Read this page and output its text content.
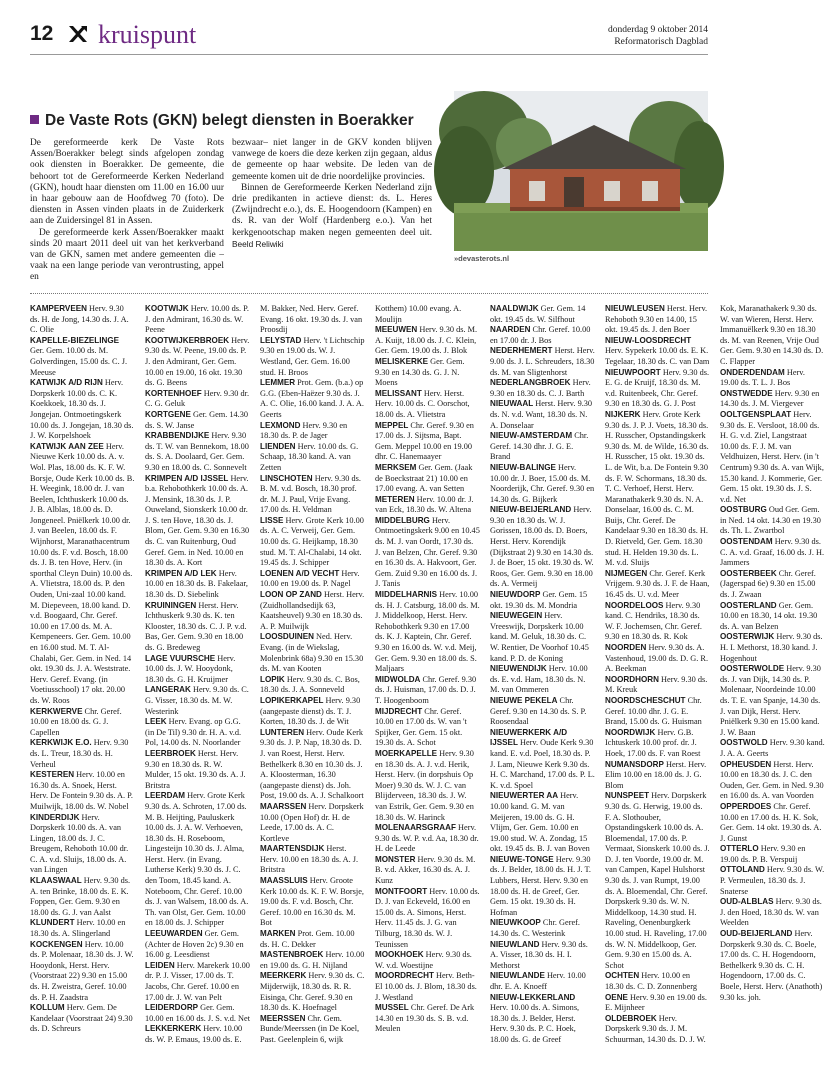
12 kruispunt	donderdag 9 oktober 2014
Reformatorisch Dagblad
De Vaste Rots (GKN) belegt diensten in Boerakker

De gereformeerde kerk De Vaste Rots Assen/Boerakker belegt sinds afgelopen zondag ook diensten in Boerakker. De gemeente, die behoort tot de Gereformeerde Kerken Nederland (GKN), houdt haar diensten om 11.00 en 16.00 uur in haar gebouw aan de Hoofdweg 70 (foto). De diensten in Assen vinden plaats in de Zuiderkerk aan de Zuidersingel 81 in Assen.

De gereformeerde kerk Assen/Boerakker maakt sinds 20 maart 2011 deel uit van het kerkverband van de GKN, samen met andere gemeenten die –vaak na een lange periode van verontrusting, appel en

bezwaar– niet langer in de GKV konden blijven vanwege de koers die deze kerken zijn gegaan, aldus de gemeente op haar website. De leden van de gemeente komen uit de drie noordelijke provincies.

Binnen de Gereformeerde Kerken Nederland zijn drie predikanten in actieve dienst: ds. L. Heres (Zwijndrecht e.o.), ds. E. Hoogendoorn (Kampen) en ds. R. van der Wolf (Hardenberg e.o.). Van het kerkgenootschap maken negen gemeenten deel uit. Beeld Reliwiki

» devasterots.nl

KAMPERVEEN Herv. 9.30 ds. H. de Jong, 14.30 ds. J. A. C. Olie

KAPELLE-BIEZELINGE Ger. Gem. 10.00 ds. M. Golverdingen, 15.00 ds. C. J. Meeuse

KATWIJK A/D RIJN Herv. Dorpskerk 10.00 ds. C. K. Koekkoek, 18.30 ds. J. Jongejan. Ontmoetingskerk 10.00 ds. J. Jongejan, 18.30 ds. J. W. Korpelshoek

KATWIJK AAN ZEE Herv. Nieuwe Kerk 10.00 ds. A. v. Wol. Plas, 18.00 ds. K. F. W. Borsje, Oude Kerk 10.00 ds. B. H. Weegink, 18.00 dr. J. van Beelen, Ichthuskerk 10.00 ds. J. B. Alblas, 18.00 ds. D. Jongeneel. Pniëlkerk 10.00 dr. J. van Beelen, 18.00 ds. F. Wijnhorst, Maranathacentrum 10.00 ds. F. v.d. Bosch, 18.00 ds. J. B. ten Hove, Herv. (in sporthal Cleyn Duin) 10.00 ds. A. Vlietstra, 18.00 ds. P. den Ouden, Uni-zaal 10.00 kand. M. Diepeveen, 18.00 kand. D. v.d. Boogaard, Chr. Geref. 10.00 en 17.00 ds. M. A. Kempeneers. Ger. Gem. 10.00 en 16.00 stud. M. T. Al-Chalabi, Ger. Gem. in Ned. 14 okt. 19.30 ds. J. A. Weststrate. Herv. Geref. Evang. (in Voetiusschool) 17 okt. 20.00 ds. W. Roos

KERKWERVE Chr. Geref. 10.00 en 18.00 ds. G. J. Capellen

KERKWIJK E.O. Herv. 9.30 ds. L. Treur, 18.30 ds. H. Verheul

KESTEREN Herv. 10.00 en 16.30 ds. A. Snoek, Herst. Herv. De Fontein 9.30 ds. A. P. Muilwijk, 18.00 ds. W. Nobel

KINDERDIJK Herv. Dorpskerk 10.00 ds. A. van Lingen, 18.00 ds. J. C. Breugem, Rehoboth 10.00 dr. C. A. v.d. Sluijs, 18.00 ds. A. van Lingen

KLAASWAAL Herv. 9.30 ds. A. ten Brinke, 18.00 ds. E. K. Foppen, Ger. Gem. 9.30 en 18.00 ds. G. J. van Aalst

KLUNDERT Herv. 10.00 en 18.30 ds. A. Slingerland

KOCKENGEN Herv. 10.00 ds. P. Molenaar, 18.30 ds. J. W. Hooydonk, Herst. Herv. (Voorstraat 22) 9.30 en 15.00 ds. H. Zweistra, Geref. 10.00 ds. P. H. Zaadstra

KOLLUM Herv. Gem. De Kandelaar (Voorstraat 24) 9.30 ds. D. Schreurs

KOOTWIJK Herv. 10.00 ds. P. J. den Admirant, 16.30 ds. W. Peene

KOOTWIJKERBROEK Herv. 9.30 ds. W. Peene, 19.00 ds. P. J. den Admirant, Ger. Gem. 10.00 en 19.00, 16 okt. 19.30 ds. G. Beens

KORTENHOEF Herv. 9.30 dr. C. G. Geluk

KORTGENE Ger. Gem. 14.30 ds. S. W. Janse

KRABBENDIJKE Herv. 9.30 ds. T. W. van Bennekom, 18.00 ds. S. A. Doolaard, Ger. Gem. 9.30 en 18.00 ds. C. Sonnevelt

KRIMPEN A/D IJSSEL Herv. b.a. Rehobothkerk 10.00 ds. A. J. Mensink, 18.30 ds. J. P. Ouweland, Sionskerk 10.00 dr. J. S. ten Hove, 18.30 ds. J. Blom, Ger. Gem. 9.30 en 16.30 ds. C. van Ruitenburg, Oud Geref. Gem. in Ned. 10.00 en 18.30 ds. A. Kort

KRIMPEN A/D LEK Herv. 10.00 en 18.30 ds. B. Fakelaar, 18.30 ds. D. Siebelink

KRUININGEN Herst. Herv. Ichthuskerk 9.30 ds. K. ten Klooster, 18.30 ds. C. J. P. v.d. Bas, Ger. Gem. 9.30 en 18.00 ds. G. Bredeweg

LAGE VUURSCHE Herv. 10.00 ds. J. W. Hooydonk, 18.30 ds. G. H. Kruijmer

LANGERAK Herv. 9.30 ds. C. G. Visser, 18.30 ds. M. W. Westerink

LEEK Herv. Evang. op G.G. (in De Til) 9.30 dr. H. A. v.d. Pol, 14.00 ds. N. Noorlander

LEERBROEK Herst. Herv. 9.30 en 18.30 ds. R. W. Mulder, 15 okt. 19.30 ds. A. J. Britstra

LEERDAM Herv. Grote Kerk 9.30 ds. A. Schroten, 17.00 ds. M. B. Heijting, Pauluskerk 10.00 ds. J. A. W. Verhoeven, 18.30 ds. H. Roseboom, Lingesteijn 10.30 ds. J. Alma, Herst. Herv. (in Evang. Lutherse Kerk) 9.30 ds. J. C. den Toom, 18.45 kand. A. Noteboom, Chr. Geref. 10.00 ds. J. van Walsem, 18.00 ds. A. Th. van Olst, Ger. Gem. 10.00 en 18.00 ds. J. Schipper

LEEUWARDEN Ger. Gem. (Achter de Hoven 2c) 9.30 en 16.00 g. Leesdienst

LEIDEN Herv. Marekerk 10.00 dr. P. J. Visser, 17.00 ds. T. Jacobs, Chr. Geref. 10.00 en 17.00 dr. J. W. van Pelt

LEIDERDORP Ger. Gem. 10.00 en 16.00 ds. J. S. v.d. Net

LEKKERKERK Herv. 10.00 ds. W. P. Emaus, 19.00 ds. E. M. Bakker, Ned. Herv. Geref. Evang. 16 okt. 19.30 ds. J. van Proosdij

LELYSTAD Herv. 't Lichtschip 9.30 en 19.00 ds. W. J. Westland, Ger. Gem. 16.00 stud. H. Broos

LEMMER Prot. Gem. (b.a.) op G.G. (Eben-Haëzer 9.30 ds. J. A. C. Olie, 16.00 kand. J. A. A. Geerts

LEXMOND Herv. 9.30 en 18.30 ds. P. de Jager

LIENDEN Herv. 10.00 ds. G. Schaap, 18.30 kand. A. van Zetten

LINSCHOTEN Herv. 9.30 ds. B. M. v.d. Bosch, 18.30 prof. dr. M. J. Paul, Vrije Evang. 17.00 ds. H. Veldman

LISSE Herv. Grote Kerk 10.00 ds. A. C. Verweij, Ger. Gem. 10.00 ds. G. Heijkamp, 18.30 stud. M. T. Al-Chalabi, 14 okt. 19.45 ds. J. Schipper

LOENEN A/D VECHT Herv. 10.00 en 19.00 ds. P. Nagel

LOON OP ZAND Herst. Herv. (Zuidhollandsedijk 63, Kaatsheuvel) 9.30 en 18.30 ds. A. P. Muilwijk

LOOSDUINEN Ned. Herv. Evang. (in de Wiekslag, Molenbrink 68a) 9.30 en 15.30 ds. M. van Kooten

LOPIK Herv. 9.30 ds. C. Bos, 18.30 ds. J. A. Sonneveld

LOPIKERKAPEL Herv. 9.30 (aangepaste dienst) ds. T. J. Korten, 18.30 ds. J. de Wit

LUNTEREN Herv. Oude Kerk 9.30 ds. J. P. Nap, 18.30 ds. D. J. van Roest, Herst. Herv. Bethelkerk 8.30 en 10.30 ds. J. A. Kloosterman, 16.30 (aangepaste dienst) ds. Joh. Post, 19.00 ds. A. J. Schalkoort

MAARSSEN Herv. Dorpskerk 10.00 (Open Hof) dr. H. de Leede, 17.00 ds. A. C. Kortleve

MAARTENSDIJK Herst. Herv. 10.00 en 18.30 ds. A. J. Britstra

MAASSLUIS Herv. Groote Kerk 10.00 ds. K. F. W. Borsje, 19.00 ds. F. v.d. Bosch, Chr. Geref. 10.00 en 16.30 ds. M. Bot

MARKEN Prot. Gem. 10.00 ds. H. C. Dekker

MASTENBROEK Herv. 10.00 en 19.00 ds. G. H. Nijland

MEERKERK Herv. 9.30 ds. C. Mijderwijk, 18.30 ds. R. R. Eisinga, Chr. Geref. 9.30 en 18.30 ds. K. Hoefnagel

MEERSSEN Chr. Gem. Bunde/Meerssen (in De Koel, Past. Geelenplein 6, wijk Kotthem) 10.00 evang. A. Moulijn

MEEUWEN Herv. 9.30 ds. M. A. Kuijt, 18.00 ds. J. C. Klein, Ger. Gem. 19.00 ds. J. Blok

MELISKERKE Ger. Gem. 9.30 en 14.30 ds. G. J. N. Moens

MELISSANT Herv. Herst. Herv. 10.00 ds. C. Oorschot, 18.00 ds. A. Vlietstra

MEPPEL Chr. Geref. 9.30 en 17.00 ds. J. Sijtsma, Bapt. Gem. Meppel 10.00 en 19.00 dhr. C. Hanemaayer

MERKSEM Ger. Gem. (Jaak de Boeckstraat 21) 10.00 en 17.00 evang. A. van Setten

METEREN Herv. 10.00 dr. J. van Eck, 18.30 ds. W. Altena

MIDDELBURG Herv. Ontmoetingskerk 9.00 en 10.45 ds. M. J. van Oordt, 17.30 ds. J. van Belzen, Chr. Geref. 9.30 en 16.30 ds. A. Hakvoort, Ger. Gem. Zuid 9.30 en 16.00 ds. J. J. Tanis

MIDDELHARNIS Herv. 10.00 ds. H. J. Catsburg, 18.00 ds. M. J. Middelkoop, Herst. Herv. Rehobothkerk 9.30 en 17.00 ds. K. J. Kaptein, Chr. Geref. 9.30 en 16.00 ds. W. v.d. Meij, Ger. Gem. 9.30 en 18.00 ds. S. Maljaars

MIDWOLDA Chr. Geref. 9.30 ds. J. Huisman, 17.00 ds. D. J. T. Hoogenboom

MIJDRECHT Chr. Geref. 10.00 en 17.00 ds. W. van 't Spijker, Ger. Gem. 15 okt. 19.30 ds. A. Schot

MOERKAPELLE Herv. 9.30 en 18.30 ds. A. J. v.d. Herik, Herst. Herv. (in dorpshuis Op Moer) 9.30 ds. W. J. C. van Blijderveen, 18.30 ds. J. W. van Estrik, Ger. Gem. 9.30 en 18.30 ds. W. Harinck

MOLENAARSGRAAF Herv. 9.30 ds. W. P. v.d. Aa, 18.30 dr. H. de Leede

MONSTER Herv. 9.30 ds. M. B. v.d. Akker, 16.30 ds. A. J. Kunz

MONTFOORT Herv. 10.00 ds. D. J. van Eckeveld, 16.00 en 15.00 ds. A. Simons, Herst. Herv. 11.45 ds. J. G. van Tilburg, 18.30 ds. W. J. Teunissen

MOOKHOEK Herv. 9.30 ds. W. v.d. Woestijne

MOORDRECHT Herv. Beth-El 10.00 ds. J. Blom, 18.30 ds. J. Westland

MUSSEL Chr. Geref. De Ark 14.30 en 19.30 ds. S. B. v.d. Meulen

NAALDWIJK Ger. Gem. 14 okt. 19.45 ds. W. Silfhout

NAARDEN Chr. Geref. 10.00 en 17.00 dr. J. Bos

NEDERHEMERT Herst. Herv. 9.00 ds. J. L. Schreuders, 18.30 ds. M. van Sligtenhorst

NEDERLANGBROEK Herv. 9.30 en 18.30 ds. C. J. Barth

NIEUWAAL Herst. Herv. 9.30 ds. N. v.d. Want, 18.30 ds. N. A. Donselaar

NIEUW-AMSTERDAM Chr. Geref. 14.30 dhr. J. G. E. Brand

NIEUW-BALINGE Herv. 10.00 dr. J. Boer, 15.00 ds. M. Noorderijk, Chr. Geref. 9.30 en 14.30 ds. G. Bijkerk

NIEUW-BEIJERLAND Herv. 9.30 en 18.30 ds. W. J. Gorissen, 18.00 ds. D. Boers, Herst. Herv. Korendijk (Dijkstraat 2) 9.30 en 14.30 ds. J. de Boer, 15 okt. 19.30 ds. W. Roos, Ger. Gem. 9.30 en 18.00 ds. A. Vermeij

NIEUWDORP Ger. Gem. 15 okt. 19.30 ds. M. Mondria

NIEUWEGEIN Herv. Vreeswijk, Dorpskerk 10.00 kand. M. Geluk, 18.30 ds. C. W. Rentier, De Voorhof 10.45 kand. P. D. de Koning

NIEUWENDIJK Herv. 10.00 ds. E. v.d. Ham, 18.30 ds. N. M. van Ommeren

NIEUWE PEKELA Chr. Geref. 9.30 en 14.30 ds. S. P. Roosendaal

NIEUWERKERK A/D IJSSEL Herv. Oude Kerk 9.30 kand. E. v.d. Poel, 18.30 ds. P. J. Lam, Nieuwe Kerk 9.30 ds. H. C. Marchand, 17.00 ds. P. L. K. v.d. Spoel

NIEUWERTER AA Herv. 10.00 kand. G. M. van Meijeren, 19.00 ds. G. H. Vlijm, Ger. Gem. 10.00 en 19.00 stud. W. A. Zondag, 15 okt. 19.45 ds. B. J. van Boven

NIEUWE-TONGE Herv. 9.30 ds. J. Belder, 18.00 ds. H. J. T. Lubbers, Herst. Herv. 9.30 en 18.00 ds. H. de Greef, Ger. Gem. 15 okt. 19.30 ds. H. Hofman

NIEUWKOOP Chr. Geref. 14.30 ds. C. Westerink

NIEUWLAND Herv. 9.30 ds. A. Visser, 18.30 ds. H. I. Methorst

NIEUWLANDE Herv. 10.00 dhr. E. A. Knoeff

NIEUW-LEKKERLAND Herv. 10.00 ds. A. Simons, 18.30 ds. J. Belder, Herst. Herv. 9.30 ds. P. C. Hoek, 18.00 ds. G. de Greef

NIEUWLEUSEN Herst. Herv. Rehoboth 9.30 en 14.00, 15 okt. 19.45 ds. J. den Boer

NIEUW-LOOSDRECHT Herv. Sypekerk 10.00 ds. E. K. Tegelaar, 18.30 ds. C. van Dam

NIEUWPOORT Herv. 9.30 ds. E. G. de Kruijf, 18.30 ds. M. v.d. Ruitenbeek, Chr. Geref. 9.30 en 18.30 ds. G. J. Post

NIJKERK Herv. Grote Kerk 9.30 ds. J. P. J. Voets, 18.30 ds. H. Russcher, Opstandingskerk 9.30 ds. M. de Wilde, 16.30 ds. H. Russcher, 15 okt. 19.30 ds. L. de Wit, b.a. De Fontein 9.30 ds. F. W. Schormans, 18.30 ds. T. C. Verhoef, Herst. Herv. Maranathakerk 9.30 ds. N. A. Donselaar, 16.00 ds. C. M. Buijs, Chr. Geref. De Kandelaar 9.30 en 18.30 ds. H. D. Rietveld, Ger. Gem. 18.30 stud. H. Helden 19.30 ds. L. M. v.d. Sluijs

NIJMEGEN Chr. Geref. Kerk Vrijgem. 9.30 ds. J. F. de Haan, 16.45 ds. U. v.d. Meer

NOORDELOOS Herv. 9.30 kand. C. Hendriks, 18.30 ds. W. F. Jochemsen, Chr. Geref. 9.30 en 18.30 ds. R. Kok

NOORDEN Herv. 9.30 ds. A. Vastenhoud, 19.00 ds. D. G. R. A. Beekman

NOORDHORN Herv. 9.30 ds. M. Kreuk

NOORDSCHESCHUT Chr. Geref. 10.00 dhr. J. G. E. Brand, 15.00 ds. G. Huisman

NOORDWIJK Herv. G.B. Ichtuskerk 10.00 prof. dr. J. Hoek, 17.00 ds. F. van Roest

NUMANSDORP Herst. Herv. Elim 10.00 en 18.00 ds. J. G. Blom

NUNSPEET Herv. Dorpskerk 9.30 ds. G. Herwig, 19.00 ds. F. A. Slothouber, Opstandingskerk 10.00 ds. A. Bloemendal, 17.00 ds. P. Vermaat, Sionskerk 10.00 ds. J. D. J. ten Voorde, 19.00 dr. M. van Campen, Kapel Hulshorst 9.30 ds. J. van Rumpt, 19.00 ds. A. Bloemendal, Chr. Geref. Dorpskerk 9.30 ds. W. N. Middelkoop, 14.30 stud. H. Raveling, Oenenburgkerk 10.00 stud. H. Raveling, 17.00 ds. W. N. Middelkoop, Ger. Gem. 9.30 en 15.00 ds. A. Schot

OCHTEN Herv. 10.00 en 18.30 ds. C. D. Zonnenberg

OENE Herv. 9.30 en 19.00 ds. E. Mijnheer

OLDEBROEK Herv. Dorpskerk 9.30 ds. J. M. Schuurman, 14.30 ds. D. J. W. Kok, Maranathakerk 9.30 ds. W. van Wieren, Herst. Herv. Immanuëlkerk 9.30 en 18.30 ds. M. van Reenen, Vrije Oud Ger. Gem. 9.30 en 14.30 ds. D. C. Flapper

ONDERDENDAM Herv. 19.00 ds. T. L. J. Bos

ONSTWEDDE Herv. 9.30 en 14.30 ds. J. M. Viergever

OOLTGENSPLAAT Herv. 9.30 ds. E. Versloot, 18.00 ds. H. G. v.d. Ziel, Langstraat 10.00 ds. F. J. M. van Veldhuizen, Herst. Herv. (in 't Centrum) 9.30 ds. A. van Wijk, 15.30 kand. J. Kommerie, Ger. Gem. 15 okt. 19.30 ds. J. S. v.d. Net

OOSTBURG Oud Ger. Gem. in Ned. 14 okt. 14.30 en 19.30 ds. Th. L. Zwartbol

OOSTENDAM Herv. 9.30 ds. C. A. v.d. Graaf, 16.00 ds. J. H. Jammers

OOSTERBEEK Chr. Geref. (Jagerspad 6e) 9.30 en 15.00 ds. J. Zwaan

OOSTERLAND Ger. Gem. 10.00 en 18.30, 14 okt. 19.30 ds. A. van Belzen

OOSTERWIJK Herv. 9.30 ds. H. I. Methorst, 18.30 kand. J. Hogenhout

OOSTERWOLDE Herv. 9.30 ds. J. van Dijk, 14.30 ds. P. Molenaar, Noordeinde 10.00 ds. T. E. van Spanje, 14.30 ds. J. van Dijk, Herst. Herv. Pniëlkerk 9.30 en 15.00 kand. J. W. Baan

OOSTWOLD Herv. 9.30 kand. J. A. A. Geerts

OPHEUSDEN Herst. Herv. 10.00 en 18.30 ds. J. C. den Ouden, Ger. Gem. in Ned. 9.30 en 16.00 ds. A. van Voorden

OPPERDOES Chr. Geref. 10.00 en 17.00 ds. H. K. Sok, Ger. Gem. 14 okt. 19.30 ds. A. J. Gunst

OTTERLO Herv. 9.30 en 19.00 ds. P. B. Verspuij

OTTOLAND Herv. 9.30 ds. W. P. Vermeulen, 18.30 ds. J. Snaterse

OUD-ALBLAS Herv. 9.30 ds. J. den Hoed, 18.30 ds. W. van Weelden

OUD-BEIJERLAND Herv. Dorpskerk 9.30 ds. C. Boele, 17.00 ds. C. H. Hogendoorn, Bethelkerk 9.30 ds. C. H. Hogendoorn, 17.00 ds. C. Boele, Herst. Herv. (Anathoth) 9.30 ks. joh.
